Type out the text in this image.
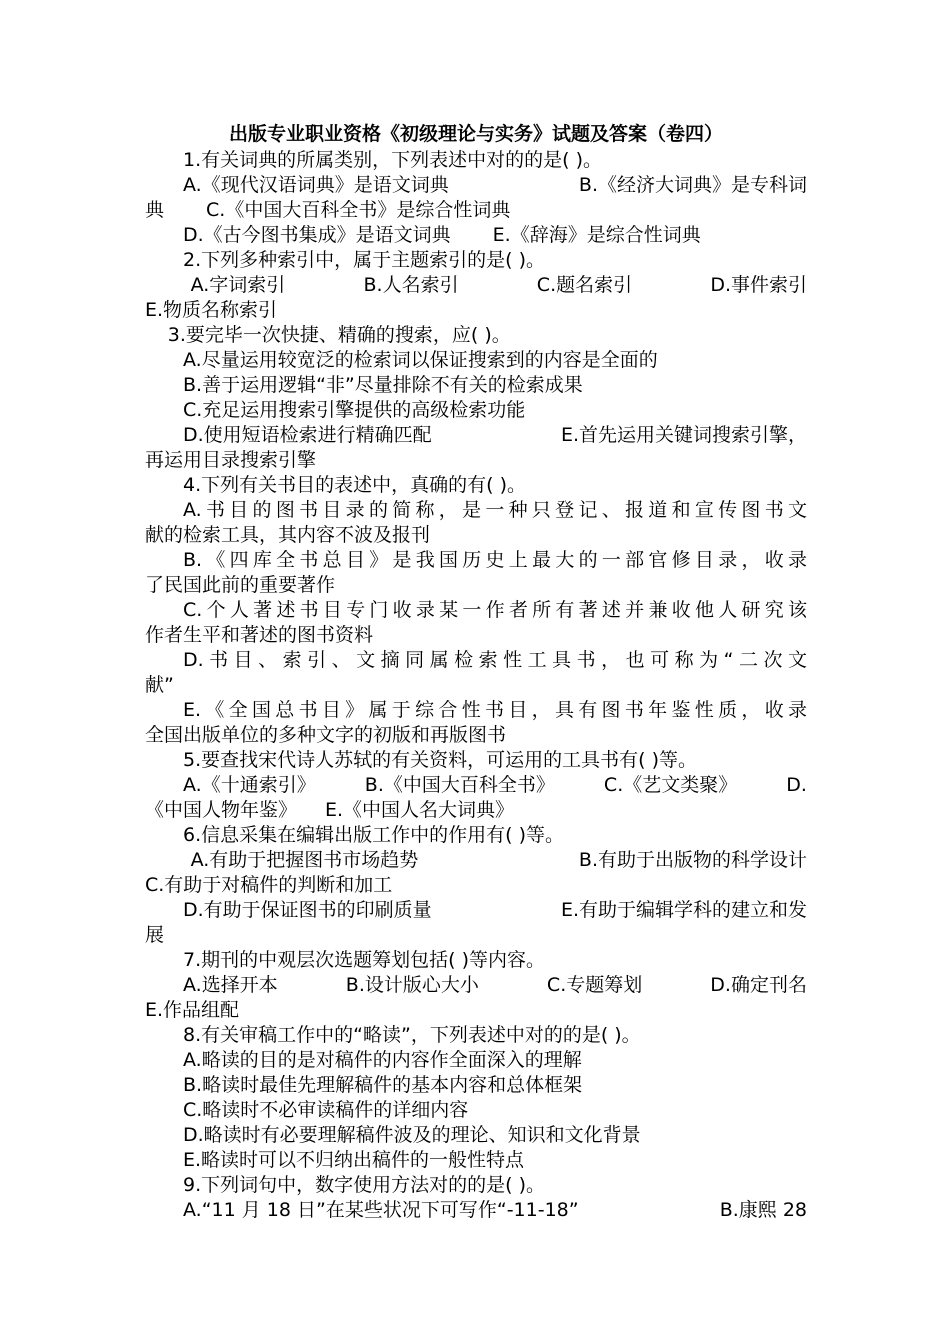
出版专业职业资格《初级理论与实务》试题及答案（卷四）

1.有关词典的所属类别，下列表述中对的的是( )。

A.《现代汉语词典》是语文词典	B.《经济大词典》是专科词
典 C.《中国大百科全书》是综合性词典
D.《古今图书集成》是语文词典 E.《辞海》是综合性词典

2.下列多种索引中，属于主题索引的是( )。

A.字词索引	B.人名索引	C.题名索引	D.事件索引
E.物质名称索引

3.要完毕一次快捷、精确的搜索，应( )。

A.尽量运用较宽泛的检索词以保证搜索到的内容是全面的
B.善于运用逻辑“非”尽量排除不有关的检索成果
C.充足运用搜索引擎提供的高级检索功能
D.使用短语检索进行精确匹配	E.首先运用关键词搜索引擎，
再运用目录搜索引擎

4.下列有关书目的表述中，真确的有( )。

A.书目的图书目录的简称，是一种只登记、报道和宣传图书文
献的检索工具，其内容不波及报刊
B.《四库全书总目》是我国历史上最大的一部官修目录，收录
了民国此前的重要著作
C.个人著述书目专门收录某一作者所有著述并兼收他人研究该
作者生平和著述的图书资料
D.书目、索引、文摘同属检索性工具书，也可称为“二次文
献”
E.《全国总书目》属于综合性书目，具有图书年鉴性质，收录
全国出版单位的多种文字的初版和再版图书

5.要查找宋代诗人苏轼的有关资料，可运用的工具书有( )等。

A.《十通索引》	B.《中国大百科全书》	C.《艺文类聚》	D.
《中国人物年鉴》 E.《中国人名大词典》

6.信息采集在编辑出版工作中的作用有( )等。

A.有助于把握图书市场趋势	B.有助于出版物的科学设计
C.有助于对稿件的判断和加工
D.有助于保证图书的印刷质量	E.有助于编辑学科的建立和发
展

7.期刊的中观层次选题筹划包括( )等内容。

A.选择开本	B.设计版心大小	C.专题筹划	D.确定刊名
E.作品组配

8.有关审稿工作中的“略读”，下列表述中对的的是( )。

A.略读的目的是对稿件的内容作全面深入的理解
B.略读时最佳先理解稿件的基本内容和总体框架
C.略读时不必审读稿件的详细内容
D.略读时有必要理解稿件波及的理论、知识和文化背景
E.略读时可以不归纳出稿件的一般性特点

9.下列词句中，数字使用方法对的的是( )。

A.“11 月 18 日”在某些状况下可写作“-11-18”	B.康熙 28
